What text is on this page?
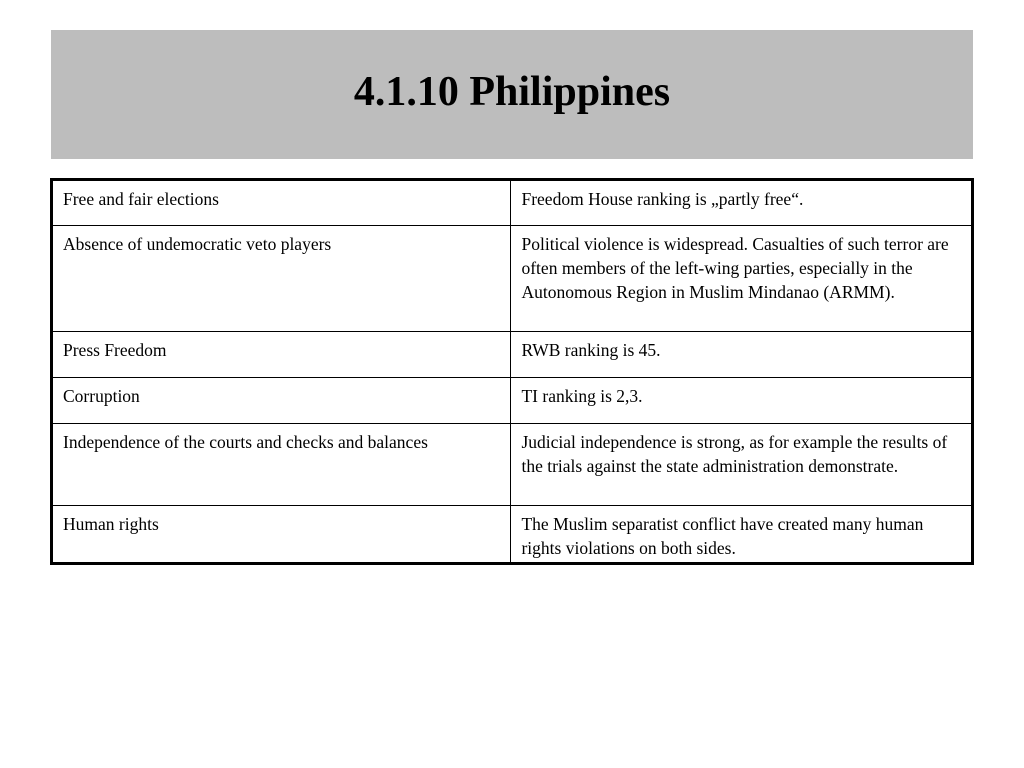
4.1.10 Philippines
Free and fair elections	Freedom House ranking is „partly free“.
Absence of undemocratic veto players	Political violence is widespread. Casualties of such terror are often members of the left-wing parties, especially in the Autonomous Region in Muslim Mindanao (ARMM).
Press Freedom	RWB ranking is 45.
Corruption	TI ranking is 2,3.
Independence of the courts and checks and balances	Judicial independence is strong, as for example the results of the trials against the state administration demonstrate.
Human rights	The Muslim separatist conflict have created many human rights violations on both sides.
